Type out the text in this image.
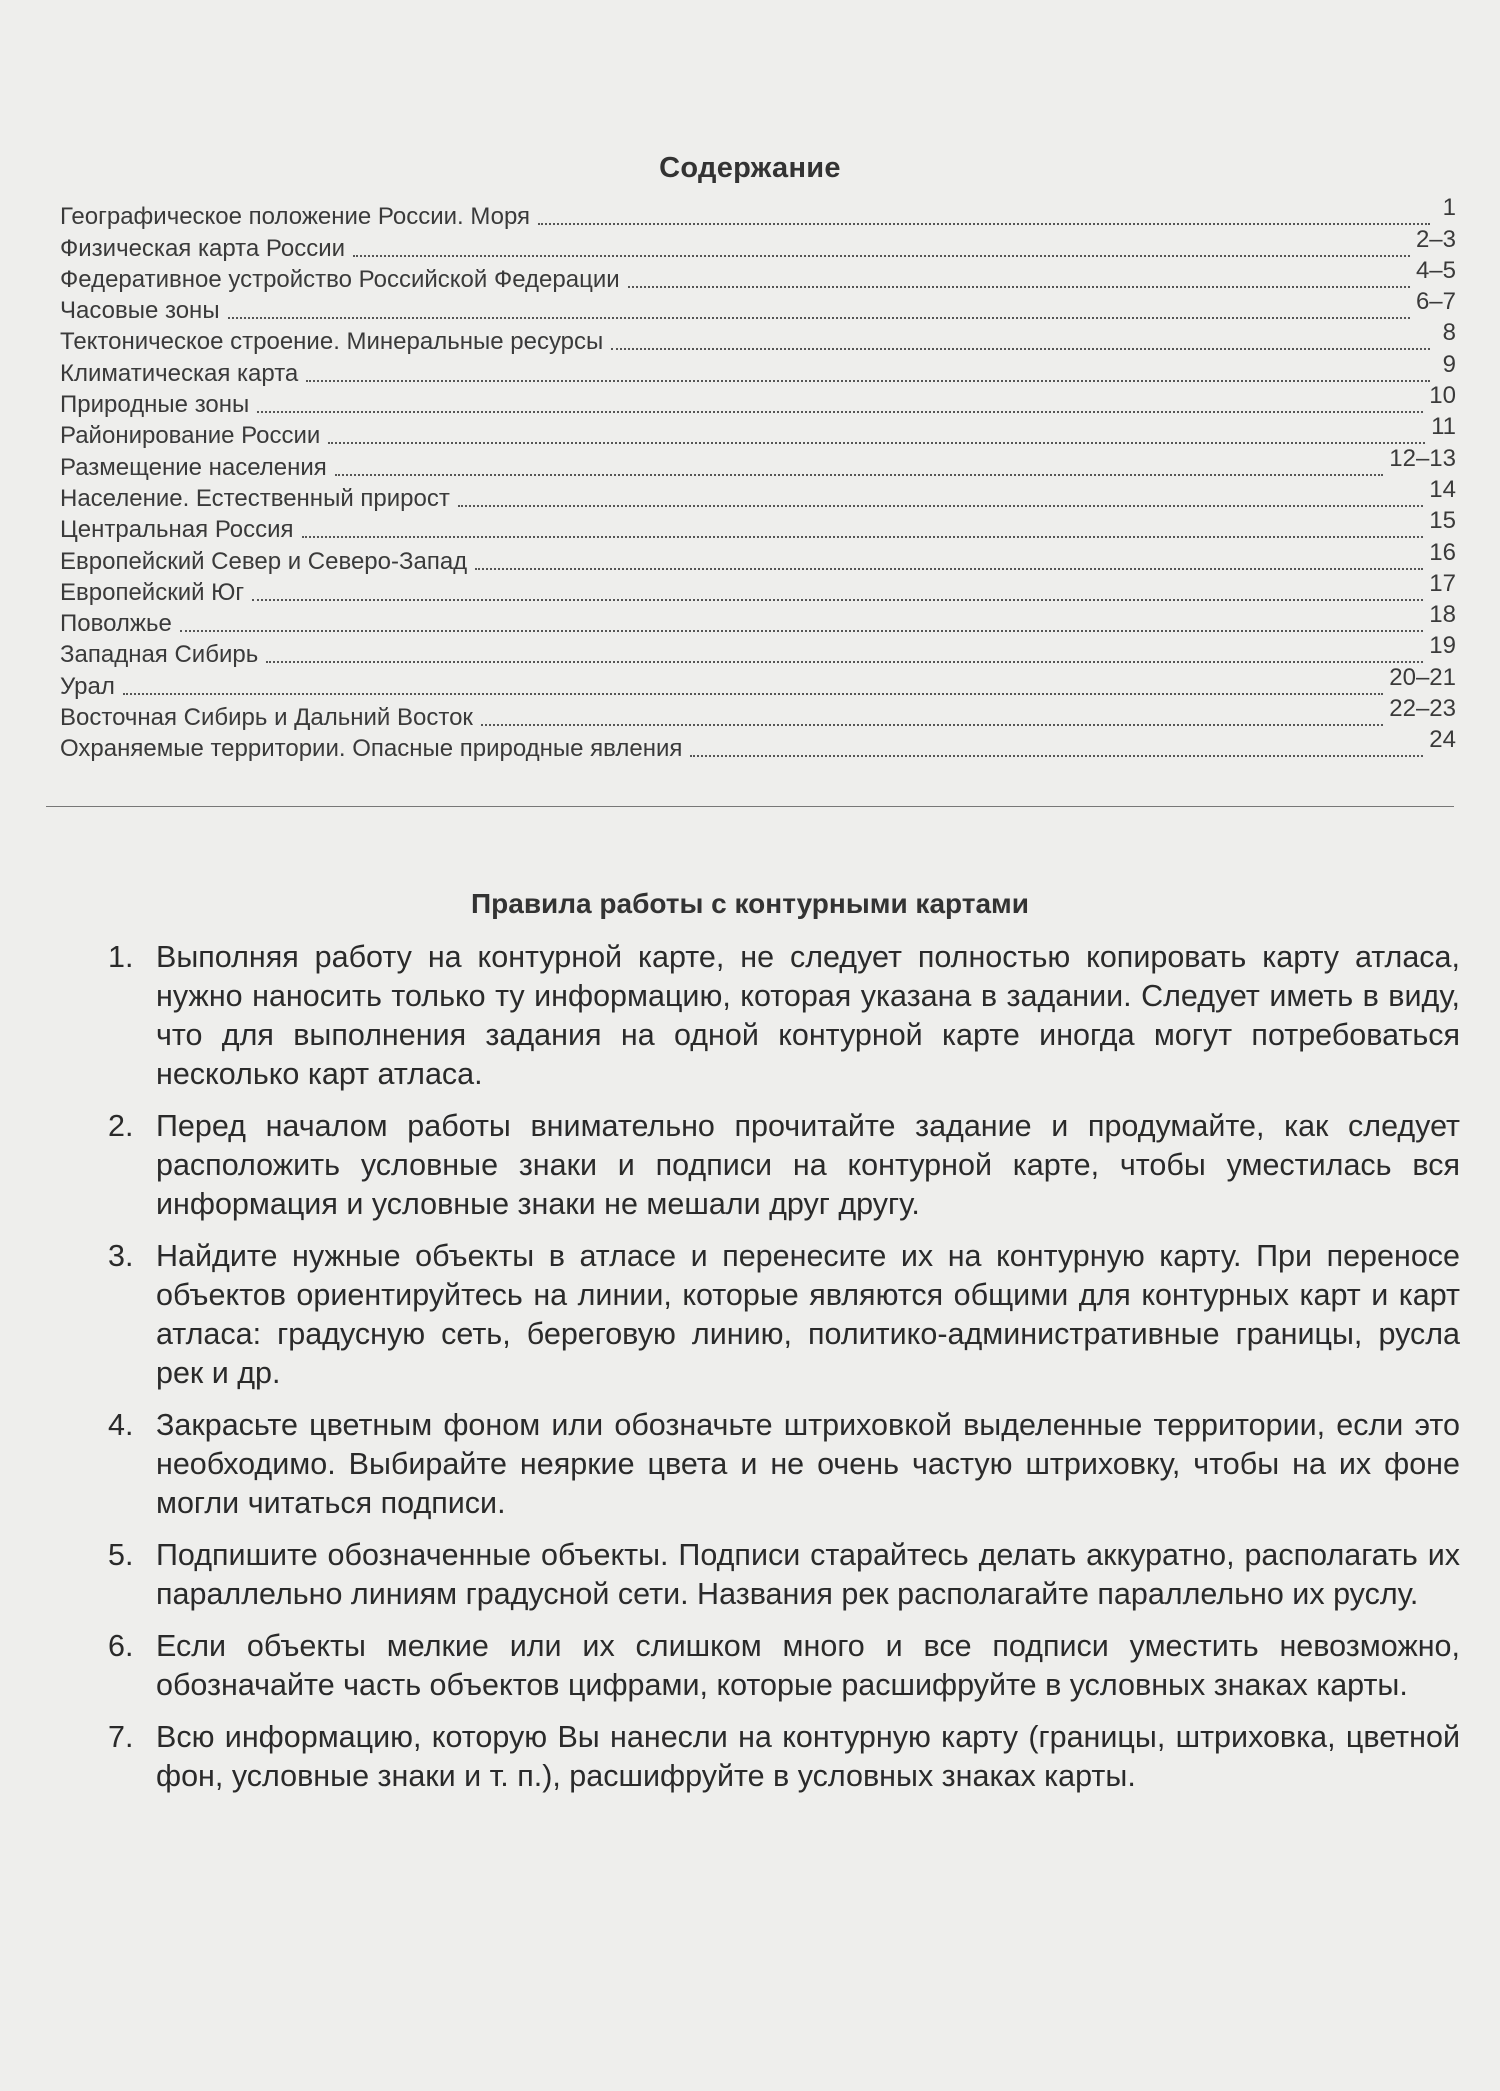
Содержание
Географическое положение России. Моря	1
Физическая карта России	2–3
Федеративное устройство Российской Федерации	4–5
Часовые зоны	6–7
Тектоническое строение. Минеральные ресурсы	8
Климатическая карта	9
Природные зоны	10
Районирование России	11
Размещение населения	12–13
Население. Естественный прирост	14
Центральная Россия	15
Европейский Север и Северо-Запад	16
Европейский Юг	17
Поволжье	18
Западная Сибирь	19
Урал	20–21
Восточная Сибирь и Дальний Восток	22–23
Охраняемые территории. Опасные природные явления	24
Правила работы с контурными картами
1. Выполняя работу на контурной карте, не следует полностью копировать карту атласа, нужно наносить только ту информацию, которая указана в задании. Следует иметь в виду, что для выполнения задания на одной контурной карте иногда могут потребоваться несколько карт атласа.
2. Перед началом работы внимательно прочитайте задание и продумайте, как следует расположить условные знаки и подписи на контурной карте, чтобы уместилась вся информация и условные знаки не мешали друг другу.
3. Найдите нужные объекты в атласе и перенесите их на контурную карту. При переносе объектов ориентируйтесь на линии, которые являются общими для контурных карт и карт атласа: градусную сеть, береговую линию, политико-административные границы, русла рек и др.
4. Закрасьте цветным фоном или обозначьте штриховкой выделенные территории, если это необходимо. Выбирайте неяркие цвета и не очень частую штриховку, чтобы на их фоне могли читаться подписи.
5. Подпишите обозначенные объекты. Подписи старайтесь делать аккуратно, располагать их параллельно линиям градусной сети. Названия рек располагайте параллельно их руслу.
6. Если объекты мелкие или их слишком много и все подписи уместить невозможно, обозначайте часть объектов цифрами, которые расшифруйте в условных знаках карты.
7. Всю информацию, которую Вы нанесли на контурную карту (границы, штриховка, цветной фон, условные знаки и т. п.), расшифруйте в условных знаках карты.
